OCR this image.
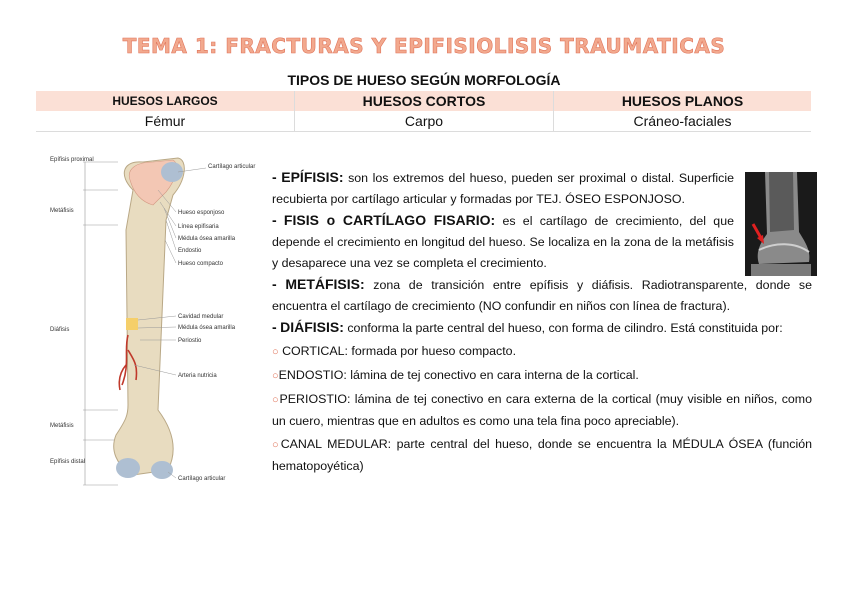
TEMA 1: FRACTURAS Y EPIFISIOLISIS TRAUMATICAS
TIPOS DE HUESO SEGÚN MORFOLOGÍA
HUESOS LARGOS	HUESOS CORTOS	HUESOS PLANOS
Fémur	Carpo	Cráneo-faciales
Epífisis proximal
Metáfisis
Diáfisis
Metáfisis
Epífisis distal
Cartílago articular
Hueso esponjoso
Línea epifisaria
Médula ósea amarilla
Endostio
Hueso compacto
Cavidad medular
Médula ósea amarilla
Periostio
Arteria nutricia
Cartílago articular
- EPÍFISIS: son los extremos del hueso, pueden ser proximal o distal. Superficie recubierta por cartílago articular y formadas por TEJ. ÓSEO ESPONJOSO.
- FISIS o CARTÍLAGO FISARIO: es el cartílago de crecimiento, del que depende el crecimiento en longitud del hueso. Se localiza en la zona de la metáfisis y desaparece una vez se completa el crecimiento.
- METÁFISIS: zona de transición entre epífisis y diáfisis. Radiotransparente, donde se encuentra el cartílago de crecimiento (NO confundir en niños con línea de fractura).
- DIÁFISIS: conforma la parte central del hueso, con forma de cilindro. Está constituida por:
○ CORTICAL: formada por hueso compacto.
○ENDOSTIO: lámina de tej conectivo en cara interna de la cortical.
○PERIOSTIO: lámina de tej conectivo en cara externa de la cortical (muy visible en niños, como un cuero, mientras que en adultos es como una tela fina poco apreciable).
○CANAL MEDULAR: parte central del hueso, donde se encuentra la MÉDULA ÓSEA (función hematopoyética)
